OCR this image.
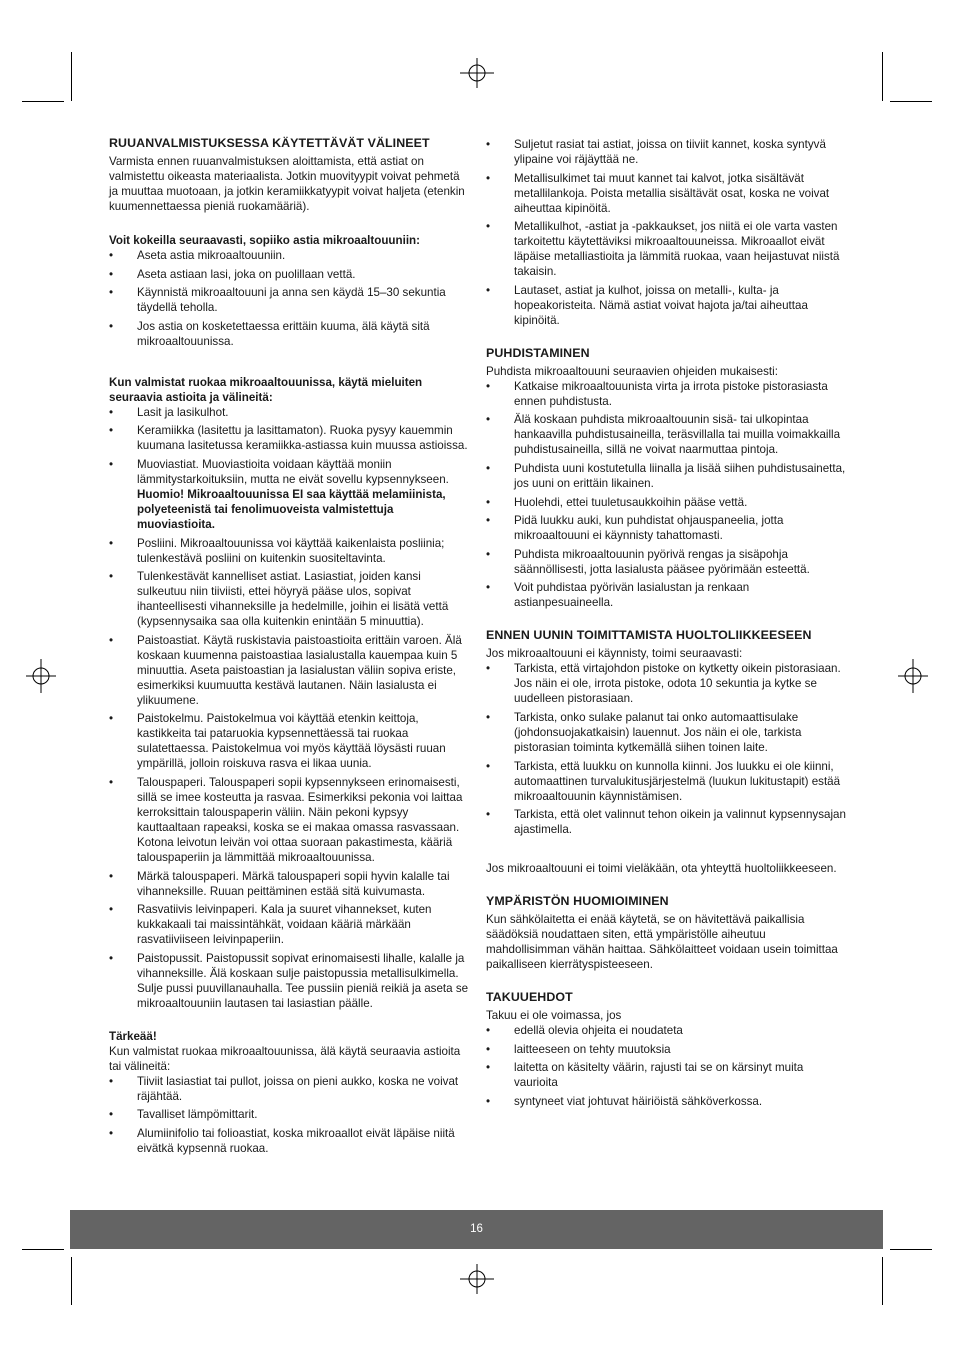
RUUANVALMISTUKSESSA KÄYTETTÄVÄT VÄLINEET

Varmista ennen ruuanvalmistuksen aloittamista, että astiat on valmistettu oikeasta materiaalista. Jotkin muovityypit voivat pehmetä ja muuttaa muotoaan, ja jotkin keramiikkatyypit voivat haljeta (etenkin kuumennettaessa pieniä ruokamääriä).

Voit kokeilla seuraavasti, sopiiko astia mikroaaltouuniin:

• Aseta astia mikroaaltouuniin.
• Aseta astiaan lasi, joka on puolillaan vettä.
• Käynnistä mikroaaltouuni ja anna sen käydä 15–30 sekuntia täydellä teholla.
• Jos astia on kosketettaessa erittäin kuuma, älä käytä sitä mikroaaltouunissa.

Kun valmistat ruokaa mikroaaltouunissa, käytä mieluiten seuraavia astioita ja välineitä:

• Lasit ja lasikulhot.
• Keramiikka (lasitettu ja lasittamaton). Ruoka pysyy kauemmin kuumana lasitetussa keramiikka-astiassa kuin muussa astioissa.
• Muoviastiat. Muoviastioita voidaan käyttää moniin lämmitystarkoituksiin, mutta ne eivät sovellu kypsennykseen. Huomio! Mikroaaltouunissa EI saa käyttää melamiinista, polyeteenistä tai fenolimuoveista valmistettuja muoviastioita.
• Posliini. Mikroaaltouunissa voi käyttää kaikenlaista posliinia; tulenkestävä posliini on kuitenkin suositeltavinta.
• Tulenkestävät kannelliset astiat. Lasiastiat, joiden kansi sulkeutuu niin tiiviisti, ettei höyryä pääse ulos, sopivat ihanteellisesti vihanneksille ja hedelmille, joihin ei lisätä vettä (kypsennysaika saa olla kuitenkin enintään 5 minuuttia).
• Paistoastiat. Käytä ruskistavia paistoastioita erittäin varoen. Älä koskaan kuumenna paistoastiaa lasialustalla kauempaa kuin 5 minuuttia. Aseta paistoastian ja lasialustan väliin sopiva eriste, esimerkiksi kuumuutta kestävä lautanen. Näin lasialusta ei ylikuumene.
• Paistokelmu. Paistokelmua voi käyttää etenkin keittoja, kastikkeita tai pataruokia kypsennettäessä tai ruokaa sulatettaessa. Paistokelmua voi myös käyttää löysästi ruuan ympärillä, jolloin roiskuva rasva ei likaa uunia.
• Talouspaperi. Talouspaperi sopii kypsennykseen erinomaisesti, sillä se imee kosteutta ja rasvaa. Esimerkiksi pekonia voi laittaa kerroksittain talouspaperin väliin. Näin pekoni kypsyy kauttaaltaan rapeaksi, koska se ei makaa omassa rasvassaan. Kotona leivotun leivän voi ottaa suoraan pakastimesta, kääriä talouspaperiin ja lämmittää mikroaaltouunissa.
• Märkä talouspaperi. Märkä talouspaperi sopii hyvin kalalle tai vihanneksille. Ruuan peittäminen estää sitä kuivumasta.
• Rasvatiivis leivinpaperi. Kala ja suuret vihannekset, kuten kukkakaali tai maissintähkät, voidaan kääriä märkään rasvatiiviiseen leivinpaperiin.
• Paistopussit. Paistopussit sopivat erinomaisesti lihalle, kalalle ja vihanneksille. Älä koskaan sulje paistopussia metallisulkimella. Sulje pussi puuvillanauhalla. Tee pussiin pieniä reikiä ja aseta se mikroaaltouuniin lautasen tai lasiastian päälle.

Tärkeää!

Kun valmistat ruokaa mikroaaltouunissa, älä käytä seuraavia astioita tai välineitä:

• Tiiviit lasiastiat tai pullot, joissa on pieni aukko, koska ne voivat räjähtää.
• Tavalliset lämpömittarit.
• Alumiinifolio tai folioastiat, koska mikroaallot eivät läpäise niitä eivätkä kypsennä ruokaa.
• Suljetut rasiat tai astiat, joissa on tiiviit kannet, koska syntyvä ylipaine voi räjäyttää ne.
• Metallisulkimet tai muut kannet tai kalvot, jotka sisältävät metallilankoja. Poista metallia sisältävät osat, koska ne voivat aiheuttaa kipinöitä.
• Metallikulhot, -astiat ja -pakkaukset, jos niitä ei ole varta vasten tarkoitettu käytettäviksi mikroaaltouuneissa. Mikroaallot eivät läpäise metalliastioita ja lämmitä ruokaa, vaan heijastuvat niistä takaisin.
• Lautaset, astiat ja kulhot, joissa on metalli-, kulta- ja hopeakoristeita. Nämä astiat voivat hajota ja/tai aiheuttaa kipinöitä.
PUHDISTAMINEN

Puhdista mikroaaltouuni seuraavien ohjeiden mukaisesti:

• Katkaise mikroaaltouunista virta ja irrota pistoke pistorasiasta ennen puhdistusta.
• Älä koskaan puhdista mikroaaltouunin sisä- tai ulkopintaa hankaavilla puhdistusaineilla, teräsvillalla tai muilla voimakkailla puhdistusaineilla, sillä ne voivat naarmuttaa pintoja.
• Puhdista uuni kostutetulla liinalla ja lisää siihen puhdistusainetta, jos uuni on erittäin likainen.
• Huolehdi, ettei tuuletusaukkoihin pääse vettä.
• Pidä luukku auki, kun puhdistat ohjauspaneelia, jotta mikroaaltouuni ei käynnisty tahattomasti.
• Puhdista mikroaaltouunin pyörivä rengas ja sisäpohja säännöllisesti, jotta lasialusta pääsee pyörimään esteettä.
• Voit puhdistaa pyörivän lasialustan ja renkaan astianpesuaineella.
ENNEN UUNIN TOIMITTAMISTA HUOLTOLIIKKEESEEN

Jos mikroaaltouuni ei käynnisty, toimi seuraavasti:

• Tarkista, että virtajohdon pistoke on kytketty oikein pistorasiaan. Jos näin ei ole, irrota pistoke, odota 10 sekuntia ja kytke se uudelleen pistorasiaan.
• Tarkista, onko sulake palanut tai onko automaattisulake (johdonsuojakatkaisin) lauennut. Jos näin ei ole, tarkista pistorasian toiminta kytkemällä siihen toinen laite.
• Tarkista, että luukku on kunnolla kiinni. Jos luukku ei ole kiinni, automaattinen turvalukitusjärjestelmä (luukun lukitustapit) estää mikroaaltouunin käynnistämisen.
• Tarkista, että olet valinnut tehon oikein ja valinnut kypsennysajan ajastimella.

Jos mikroaaltouuni ei toimi vieläkään, ota yhteyttä huoltoliikkeeseen.

YMPÄRISTÖN HUOMIOIMINEN

Kun sähkölaitetta ei enää käytetä, se on hävitettävä paikallisia säädöksiä noudattaen siten, että ympäristölle aiheutuu mahdollisimman vähän haittaa. Sähkölaitteet voidaan usein toimittaa paikalliseen kierrätyspisteeseen.

TAKUUEHDOT

Takuu ei ole voimassa, jos

• edellä olevia ohjeita ei noudateta
• laitteeseen on tehty muutoksia
• laitetta on käsitelty väärin, rajusti tai se on kärsinyt muita vaurioita
• syntyneet viat johtuvat häiriöistä sähköverkossa.
16
